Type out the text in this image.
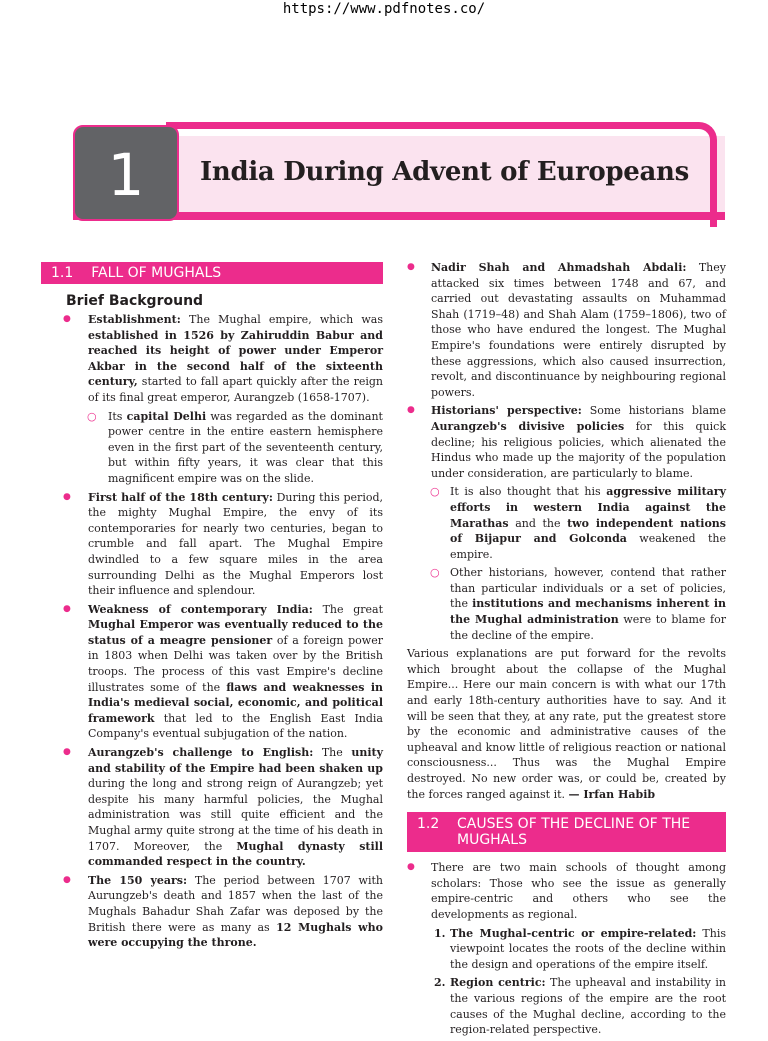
https://www.pdfnotes.co/
1	India During Advent of Europeans
1.1 FALL OF MUGHALS
Brief Background
● Establishment: The Mughal empire, which was established in 1526 by Zahiruddin Babur and reached its height of power under Emperor Akbar in the second half of the sixteenth century, started to fall apart quickly after the reign of its final great emperor, Aurangzeb (1658-1707).
○ Its capital Delhi was regarded as the dominant power centre in the entire eastern hemisphere even in the first part of the seventeenth century, but within fifty years, it was clear that this magnificent empire was on the slide.
● First half of the 18th century: During this period, the mighty Mughal Empire, the envy of its contemporaries for nearly two centuries, began to crumble and fall apart. The Mughal Empire dwindled to a few square miles in the area surrounding Delhi as the Mughal Emperors lost their influence and splendour.
● Weakness of contemporary India: The great Mughal Emperor was eventually reduced to the status of a meagre pensioner of a foreign power in 1803 when Delhi was taken over by the British troops. The process of this vast Empire's decline illustrates some of the flaws and weaknesses in India's medieval social, economic, and political framework that led to the English East India Company's eventual subjugation of the nation.
● Aurangzeb's challenge to English: The unity and stability of the Empire had been shaken up during the long and strong reign of Aurangzeb; yet despite his many harmful policies, the Mughal administration was still quite efficient and the Mughal army quite strong at the time of his death in 1707. Moreover, the Mughal dynasty still commanded respect in the country.
● The 150 years: The period between 1707 with Aurungzeb's death and 1857 when the last of the Mughals Bahadur Shah Zafar was deposed by the British there were as many as 12 Mughals who were occupying the throne.
● Nadir Shah and Ahmadshah Abdali: They attacked six times between 1748 and 67, and carried out devastating assaults on Muhammad Shah (1719–48) and Shah Alam (1759–1806), two of those who have endured the longest. The Mughal Empire's foundations were entirely disrupted by these aggressions, which also caused insurrection, revolt, and discontinuance by neighbouring regional powers.
● Historians' perspective: Some historians blame Aurangzeb's divisive policies for this quick decline; his religious policies, which alienated the Hindus who made up the majority of the population under consideration, are particularly to blame.
○ It is also thought that his aggressive military efforts in western India against the Marathas and the two independent nations of Bijapur and Golconda weakened the empire.
○ Other historians, however, contend that rather than particular individuals or a set of policies, the institutions and mechanisms inherent in the Mughal administration were to blame for the decline of the empire.
Various explanations are put forward for the revolts which brought about the collapse of the Mughal Empire... Here our main concern is with what our 17th and early 18th-century authorities have to say. And it will be seen that they, at any rate, put the greatest store by the economic and administrative causes of the upheaval and know little of religious reaction or national consciousness... Thus was the Mughal Empire destroyed. No new order was, or could be, created by the forces ranged against it. — Irfan Habib
1.2 CAUSES OF THE DECLINE OF THE MUGHALS
● There are two main schools of thought among scholars: Those who see the issue as generally empire-centric and others who see the developments as regional.
1. The Mughal-centric or empire-related: This viewpoint locates the roots of the decline within the design and operations of the empire itself.
2. Region centric: The upheaval and instability in the various regions of the empire are the root causes of the Mughal decline, according to the region-related perspective.
